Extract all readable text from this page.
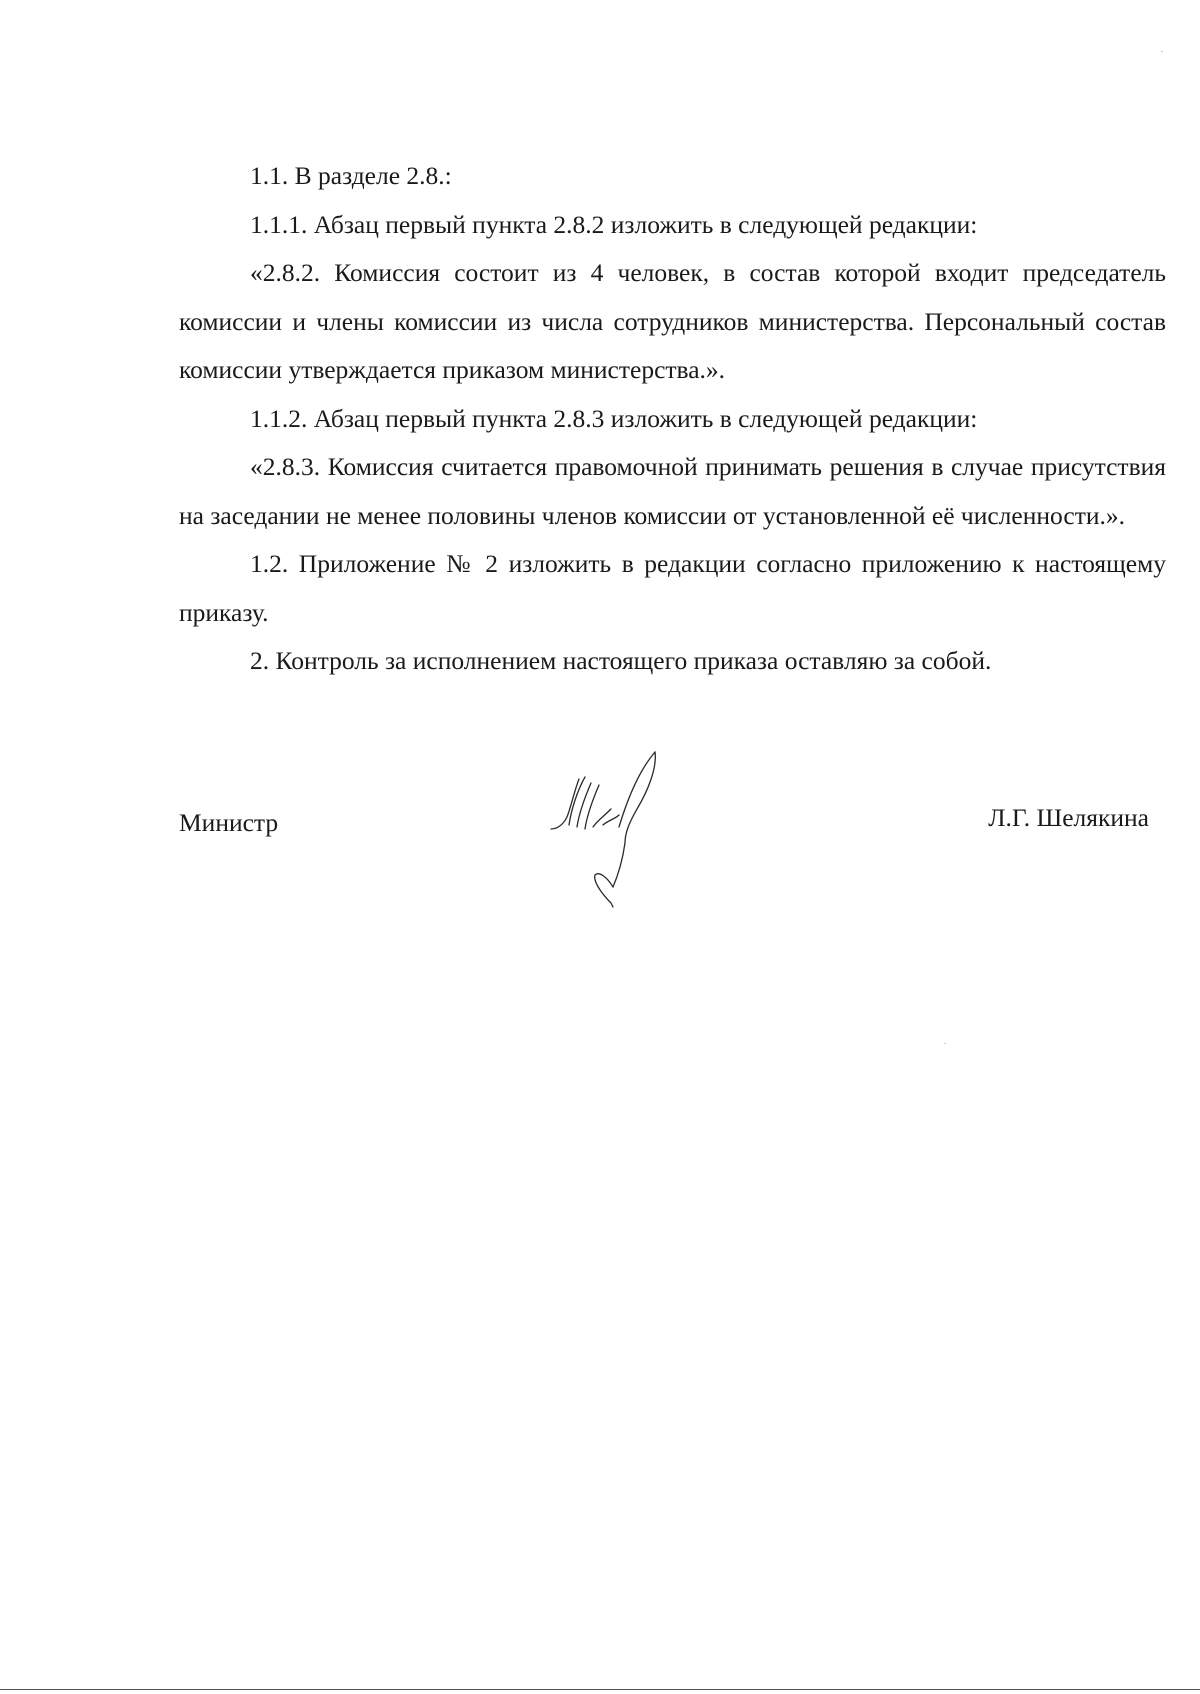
1.1. В разделе 2.8.:

1.1.1. Абзац первый пункта 2.8.2 изложить в следующей редакции:

«2.8.2. Комиссия состоит из 4 человек, в состав которой входит председатель комиссии и члены комиссии из числа сотрудников министерства. Персональный состав комиссии утверждается приказом министерства.».

1.1.2. Абзац первый пункта 2.8.3 изложить в следующей редакции:

«2.8.3. Комиссия считается правомочной принимать решения в случае присутствия на заседании не менее половины членов комиссии от установленной её численности.».

1.2. Приложение № 2 изложить в редакции согласно приложению к настоящему приказу.

2. Контроль за исполнением настоящего приказа оставляю за собой.

Министр	Л.Г. Шелякина
